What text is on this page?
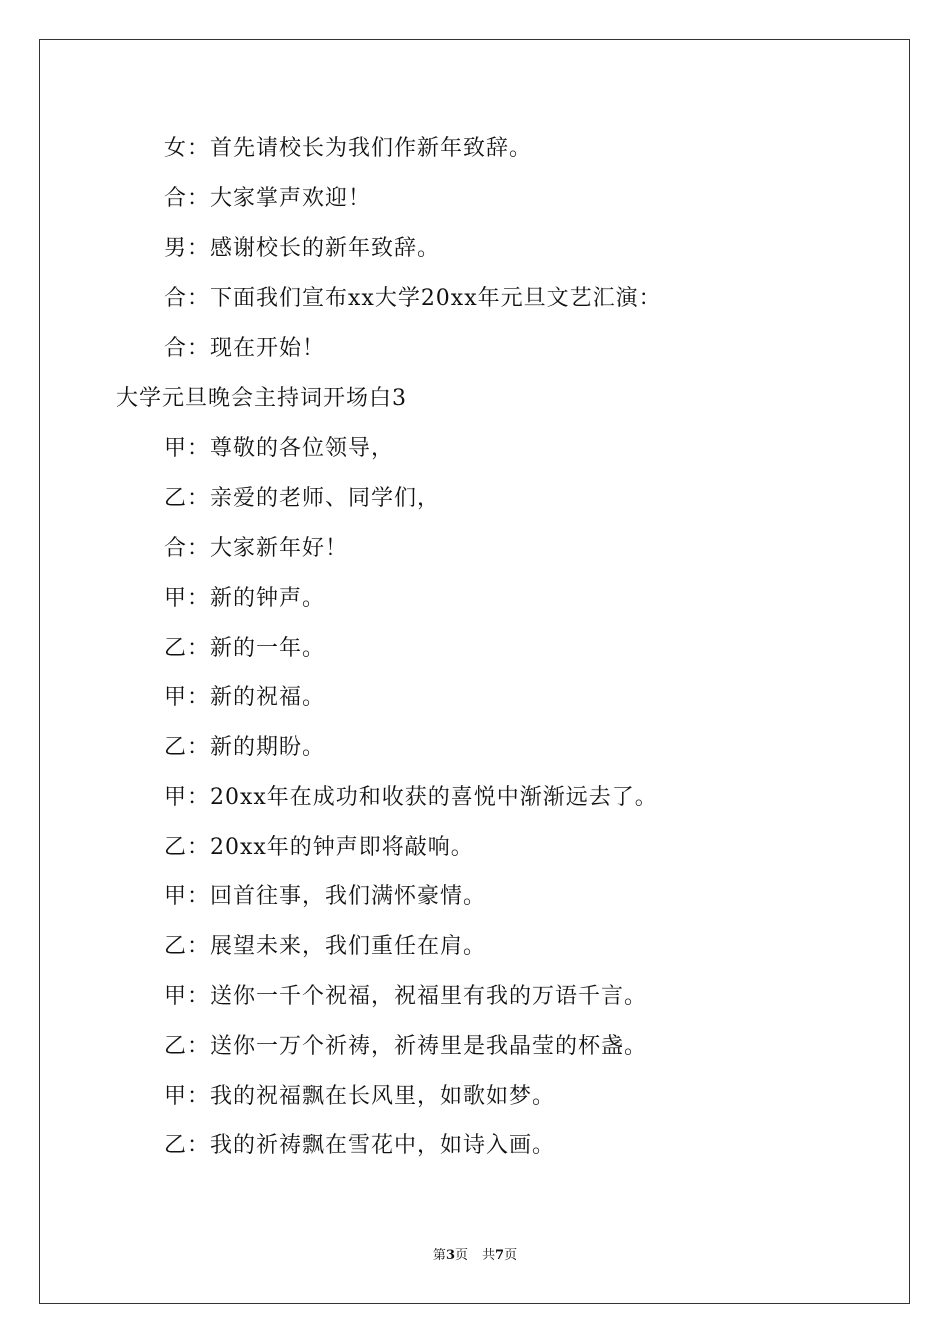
女：首先请校长为我们作新年致辞。
合：大家掌声欢迎！
男：感谢校长的新年致辞。
合：下面我们宣布xx大学20xx年元旦文艺汇演：
合：现在开始！
大学元旦晚会主持词开场白3
甲：尊敬的各位领导，
乙：亲爱的老师、同学们，
合：大家新年好！
甲：新的钟声。
乙：新的一年。
甲：新的祝福。
乙：新的期盼。
甲：20xx年在成功和收获的喜悦中渐渐远去了。
乙：20xx年的钟声即将敲响。
甲：回首往事，我们满怀豪情。
乙：展望未来，我们重任在肩。
甲：送你一千个祝福，祝福里有我的万语千言。
乙：送你一万个祈祷，祈祷里是我晶莹的杯盏。
甲：我的祝福飘在长风里，如歌如梦。
乙：我的祈祷飘在雪花中，如诗入画。
第3页 共7页
